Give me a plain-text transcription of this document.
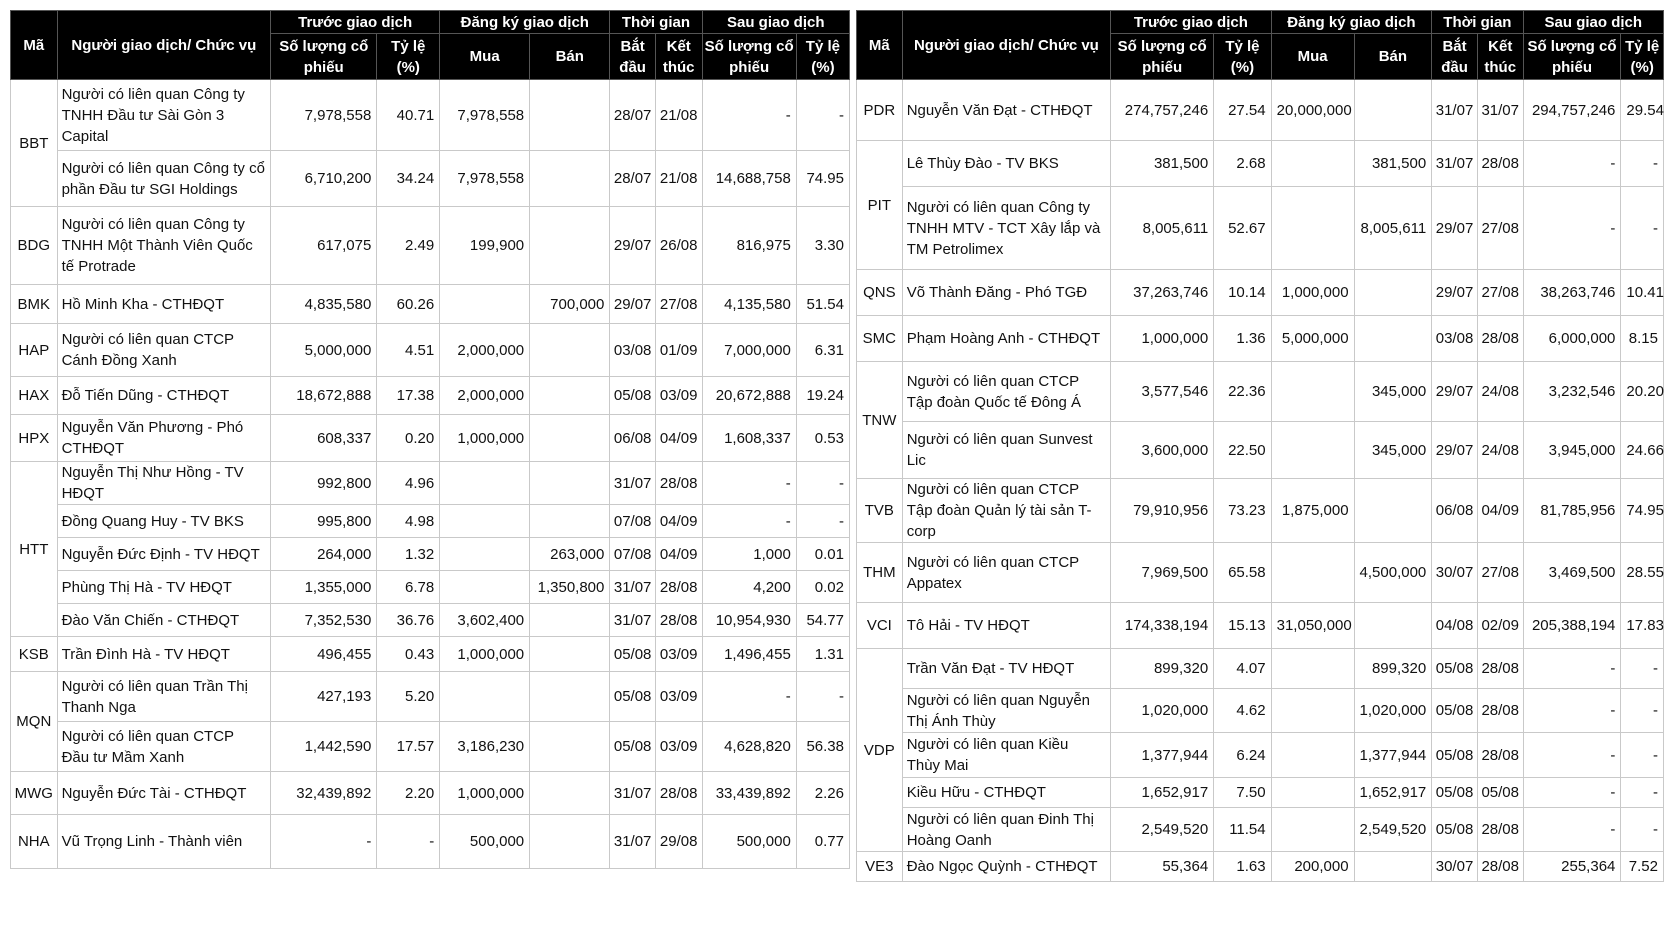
Mã	Người giao dịch/ Chức vụ	Trước giao dịch		Đăng ký giao dịch		Thời gian		Sau giao dịch	
		Số lượng cổ phiếu	Tỷ lệ (%)	Mua	Bán	Bắt đầu	Kết thúc	Số lượng cổ phiếu	Tỷ lệ (%)
BBT	Người có liên quan Công ty TNHH Đầu tư Sài Gòn 3 Capital	7,978,558	40.71	7,978,558		28/07	21/08	-	-
	Người có liên quan Công ty cổ phần Đầu tư SGI Holdings	6,710,200	34.24	7,978,558		28/07	21/08	14,688,758	74.95
BDG	Người có liên quan Công ty TNHH Một Thành Viên Quốc tế Protrade	617,075	2.49	199,900		29/07	26/08	816,975	3.30
BMK	Hồ Minh Kha - CTHĐQT	4,835,580	60.26		700,000	29/07	27/08	4,135,580	51.54
HAP	Người có liên quan CTCP Cánh Đồng Xanh	5,000,000	4.51	2,000,000		03/08	01/09	7,000,000	6.31
HAX	Đỗ Tiến Dũng - CTHĐQT	18,672,888	17.38	2,000,000		05/08	03/09	20,672,888	19.24
HPX	Nguyễn Văn Phương - Phó CTHĐQT	608,337	0.20	1,000,000		06/08	04/09	1,608,337	0.53
HTT	Nguyễn Thị Như Hồng - TV HĐQT	992,800	4.96			31/07	28/08	-	-
	Đồng Quang Huy - TV BKS	995,800	4.98			07/08	04/09	-	-
	Nguyễn Đức Định - TV HĐQT	264,000	1.32		263,000	07/08	04/09	1,000	0.01
	Phùng Thị Hà - TV HĐQT	1,355,000	6.78		1,350,800	31/07	28/08	4,200	0.02
	Đào Văn Chiến - CTHĐQT	7,352,530	36.76	3,602,400		31/07	28/08	10,954,930	54.77
KSB	Trần Đình Hà - TV HĐQT	496,455	0.43	1,000,000		05/08	03/09	1,496,455	1.31
MQN	Người có liên quan Trần Thị Thanh Nga	427,193	5.20			05/08	03/09	-	-
	Người có liên quan CTCP Đầu tư Mầm Xanh	1,442,590	17.57	3,186,230		05/08	03/09	4,628,820	56.38
MWG	Nguyễn Đức Tài - CTHĐQT	32,439,892	2.20	1,000,000		31/07	28/08	33,439,892	2.26
NHA	Vũ Trọng Linh - Thành viên	-	-	500,000		31/07	29/08	500,000	0.77
Mã	Người giao dịch/ Chức vụ	Trước giao dịch		Đăng ký giao dịch		Thời gian		Sau giao dịch	
		Số lượng cổ phiếu	Tỷ lệ (%)	Mua	Bán	Bắt đầu	Kết thúc	Số lượng cổ phiếu	Tỷ lệ (%)
PDR	Nguyễn Văn Đạt - CTHĐQT	274,757,246	27.54	20,000,000		31/07	31/07	294,757,246	29.54
PIT	Lê Thùy Đào - TV BKS	381,500	2.68		381,500	31/07	28/08	-	-
	Người có liên quan Công ty TNHH MTV - TCT Xây lắp và TM Petrolimex	8,005,611	52.67		8,005,611	29/07	27/08	-	-
QNS	Võ Thành Đăng - Phó TGĐ	37,263,746	10.14	1,000,000		29/07	27/08	38,263,746	10.41
SMC	Phạm Hoàng Anh - CTHĐQT	1,000,000	1.36	5,000,000		03/08	28/08	6,000,000	8.15
TNW	Người có liên quan CTCP Tập đoàn Quốc tế Đông Á	3,577,546	22.36		345,000	29/07	24/08	3,232,546	20.20
	Người có liên quan Sunvest Lic	3,600,000	22.50		345,000	29/07	24/08	3,945,000	24.66
TVB	Người có liên quan CTCP Tập đoàn Quản lý tài sản T-corp	79,910,956	73.23	1,875,000		06/08	04/09	81,785,956	74.95
THM	Người có liên quan CTCP Appatex	7,969,500	65.58		4,500,000	30/07	27/08	3,469,500	28.55
VCI	Tô Hải - TV HĐQT	174,338,194	15.13	31,050,000		04/08	02/09	205,388,194	17.83
VDP	Trần Văn Đạt - TV HĐQT	899,320	4.07		899,320	05/08	28/08	-	-
	Người có liên quan Nguyễn Thị Ánh Thùy	1,020,000	4.62		1,020,000	05/08	28/08	-	-
	Người có liên quan Kiều Thùy Mai	1,377,944	6.24		1,377,944	05/08	28/08	-	-
	Kiều Hữu - CTHĐQT	1,652,917	7.50		1,652,917	05/08	05/08	-	-
	Người có liên quan Đinh Thị Hoàng Oanh	2,549,520	11.54		2,549,520	05/08	28/08	-	-
VE3	Đào Ngọc Quỳnh - CTHĐQT	55,364	1.63	200,000		30/07	28/08	255,364	7.52
